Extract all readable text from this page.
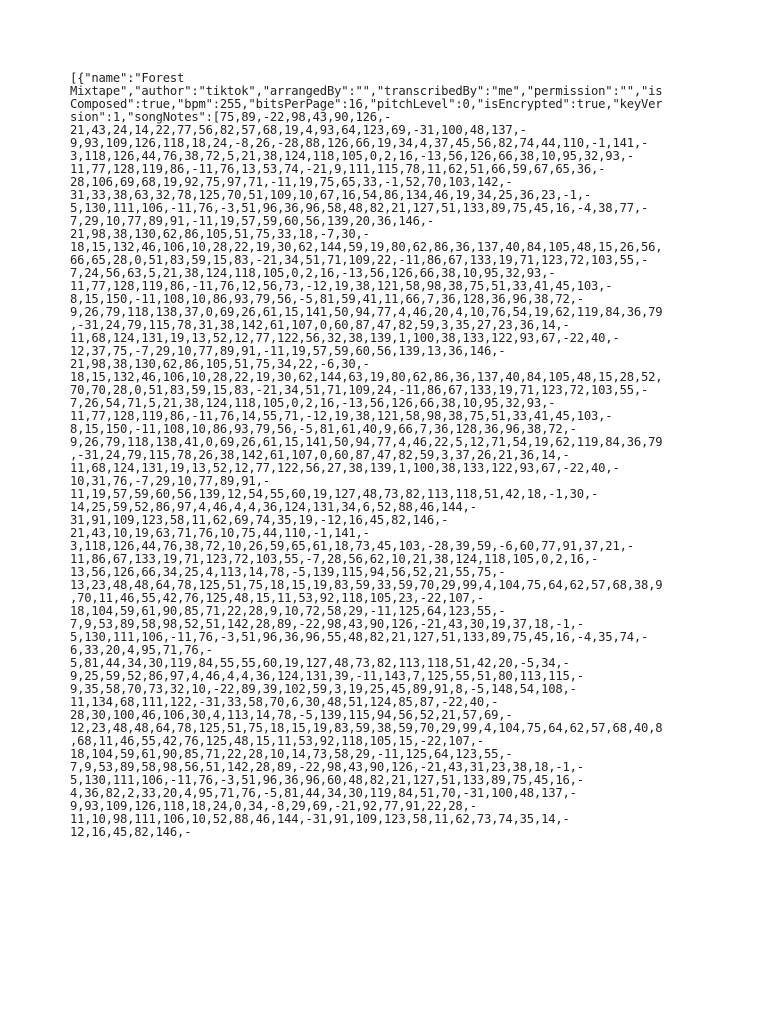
[{"name":"Forest
Mixtape","author":"tiktok","arrangedBy":"","transcribedBy":"me","permission":"","is
Composed":true,"bpm":255,"bitsPerPage":16,"pitchLevel":0,"isEncrypted":true,"keyVer
sion":1,"songNotes":[75,89,-22,98,43,90,126,-
21,43,24,14,22,77,56,82,57,68,19,4,93,64,123,69,-31,100,48,137,-
9,93,109,126,118,18,24,-8,26,-28,88,126,66,19,34,4,37,45,56,82,74,44,110,-1,141,-
3,118,126,44,76,38,72,5,21,38,124,118,105,0,2,16,-13,56,126,66,38,10,95,32,93,-
11,77,128,119,86,-11,76,13,53,74,-21,9,111,115,78,11,62,51,66,59,67,65,36,-
28,106,69,68,19,92,75,97,71,-11,19,75,65,33,-1,52,70,103,142,-
31,33,38,63,32,78,125,70,51,109,10,67,16,54,86,134,46,19,34,25,36,23,-1,-
5,130,111,106,-11,76,-3,51,96,36,96,58,48,82,21,127,51,133,89,75,45,16,-4,38,77,-
7,29,10,77,89,91,-11,19,57,59,60,56,139,20,36,146,-
21,98,38,130,62,86,105,51,75,33,18,-7,30,-
18,15,132,46,106,10,28,22,19,30,62,144,59,19,80,62,86,36,137,40,84,105,48,15,26,56,
66,65,28,0,51,83,59,15,83,-21,34,51,71,109,22,-11,86,67,133,19,71,123,72,103,55,-
7,24,56,63,5,21,38,124,118,105,0,2,16,-13,56,126,66,38,10,95,32,93,-
11,77,128,119,86,-11,76,12,56,73,-12,19,38,121,58,98,38,75,51,33,41,45,103,-
8,15,150,-11,108,10,86,93,79,56,-5,81,59,41,11,66,7,36,128,36,96,38,72,-
9,26,79,118,138,37,0,69,26,61,15,141,50,94,77,4,46,20,4,10,76,54,19,62,119,84,36,79
,-31,24,79,115,78,31,38,142,61,107,0,60,87,47,82,59,3,35,27,23,36,14,-
11,68,124,131,19,13,52,12,77,122,56,32,38,139,1,100,38,133,122,93,67,-22,40,-
12,37,75,-7,29,10,77,89,91,-11,19,57,59,60,56,139,13,36,146,-
21,98,38,130,62,86,105,51,75,34,22,-6,30,-
18,15,132,46,106,10,28,22,19,30,62,144,63,19,80,62,86,36,137,40,84,105,48,15,28,52,
70,70,28,0,51,83,59,15,83,-21,34,51,71,109,24,-11,86,67,133,19,71,123,72,103,55,-
7,26,54,71,5,21,38,124,118,105,0,2,16,-13,56,126,66,38,10,95,32,93,-
11,77,128,119,86,-11,76,14,55,71,-12,19,38,121,58,98,38,75,51,33,41,45,103,-
8,15,150,-11,108,10,86,93,79,56,-5,81,61,40,9,66,7,36,128,36,96,38,72,-
9,26,79,118,138,41,0,69,26,61,15,141,50,94,77,4,46,22,5,12,71,54,19,62,119,84,36,79
,-31,24,79,115,78,26,38,142,61,107,0,60,87,47,82,59,3,37,26,21,36,14,-
11,68,124,131,19,13,52,12,77,122,56,27,38,139,1,100,38,133,122,93,67,-22,40,-
10,31,76,-7,29,10,77,89,91,-
11,19,57,59,60,56,139,12,54,55,60,19,127,48,73,82,113,118,51,42,18,-1,30,-
14,25,59,52,86,97,4,46,4,4,36,124,131,34,6,52,88,46,144,-
31,91,109,123,58,11,62,69,74,35,19,-12,16,45,82,146,-
21,43,10,19,63,71,76,10,75,44,110,-1,141,-
3,118,126,44,76,38,72,10,26,59,65,61,18,73,45,103,-28,39,59,-6,60,77,91,37,21,-
11,86,67,133,19,71,123,72,103,55,-7,28,56,62,10,21,38,124,118,105,0,2,16,-
13,56,126,66,34,25,4,113,14,78,-5,139,115,94,56,52,21,55,75,-
13,23,48,48,64,78,125,51,75,18,15,19,83,59,33,59,70,29,99,4,104,75,64,62,57,68,38,9
,70,11,46,55,42,76,125,48,15,11,53,92,118,105,23,-22,107,-
18,104,59,61,90,85,71,22,28,9,10,72,58,29,-11,125,64,123,55,-
7,9,53,89,58,98,52,51,142,28,89,-22,98,43,90,126,-21,43,30,19,37,18,-1,-
5,130,111,106,-11,76,-3,51,96,36,96,55,48,82,21,127,51,133,89,75,45,16,-4,35,74,-
6,33,20,4,95,71,76,-
5,81,44,34,30,119,84,55,55,60,19,127,48,73,82,113,118,51,42,20,-5,34,-
9,25,59,52,86,97,4,46,4,4,36,124,131,39,-11,143,7,125,55,51,80,113,115,-
9,35,58,70,73,32,10,-22,89,39,102,59,3,19,25,45,89,91,8,-5,148,54,108,-
11,134,68,111,122,-31,33,58,70,6,30,48,51,124,85,87,-22,40,-
28,30,100,46,106,30,4,113,14,78,-5,139,115,94,56,52,21,57,69,-
12,23,48,48,64,78,125,51,75,18,15,19,83,59,38,59,70,29,99,4,104,75,64,62,57,68,40,8
,68,11,46,55,42,76,125,48,15,11,53,92,118,105,15,-22,107,-
18,104,59,61,90,85,71,22,28,10,14,73,58,29,-11,125,64,123,55,-
7,9,53,89,58,98,56,51,142,28,89,-22,98,43,90,126,-21,43,31,23,38,18,-1,-
5,130,111,106,-11,76,-3,51,96,36,96,60,48,82,21,127,51,133,89,75,45,16,-
4,36,82,2,33,20,4,95,71,76,-5,81,44,34,30,119,84,51,70,-31,100,48,137,-
9,93,109,126,118,18,24,0,34,-8,29,69,-21,92,77,91,22,28,-
11,10,98,111,106,10,52,88,46,144,-31,91,109,123,58,11,62,73,74,35,14,-
12,16,45,82,146,-
